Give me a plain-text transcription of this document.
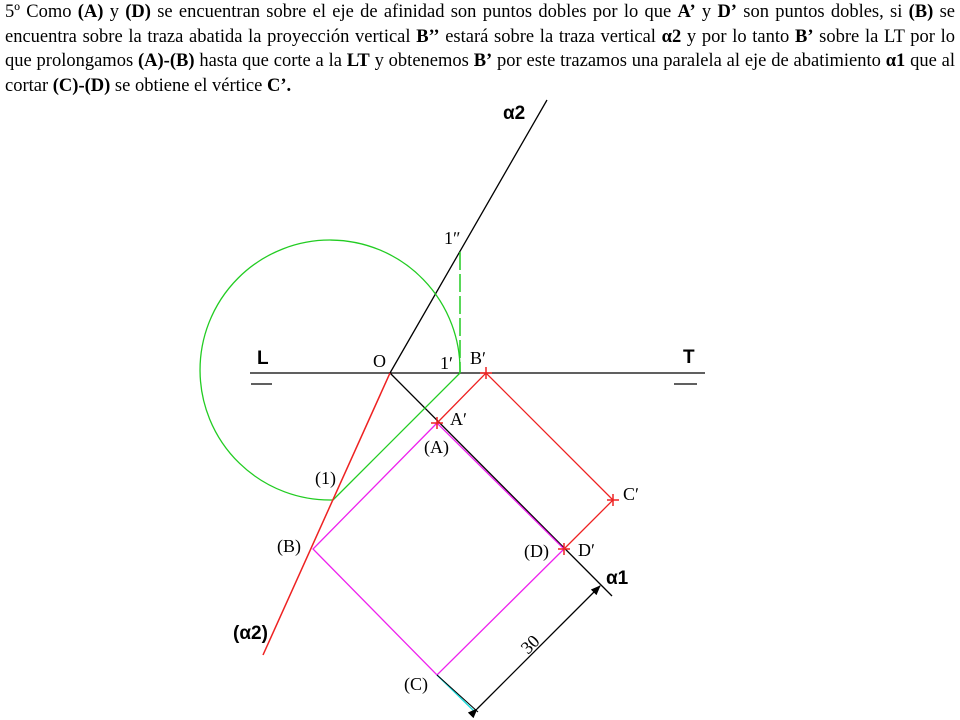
5º Como (A) y (D) se encuentran sobre el eje de afinidad son puntos dobles por lo que A’ y D’ son puntos dobles, si (B) se encuentra sobre la traza abatida la proyección vertical B’’ estará sobre la traza vertical α2 y por lo tanto B’ sobre la LT por lo que prolongamos (A)-(B) hasta que corte a la LT y obtenemos B’ por este trazamos una paralela al eje de abatimiento α1 que al cortar (C)-(D) se obtiene el vértice C’.

α2
1ʺ
L	O	1ʹ Bʹ	T
Aʹ
(A)
(1)
Cʹ
(B)	(D) Dʹ
α1
(α2)	30
(C)
